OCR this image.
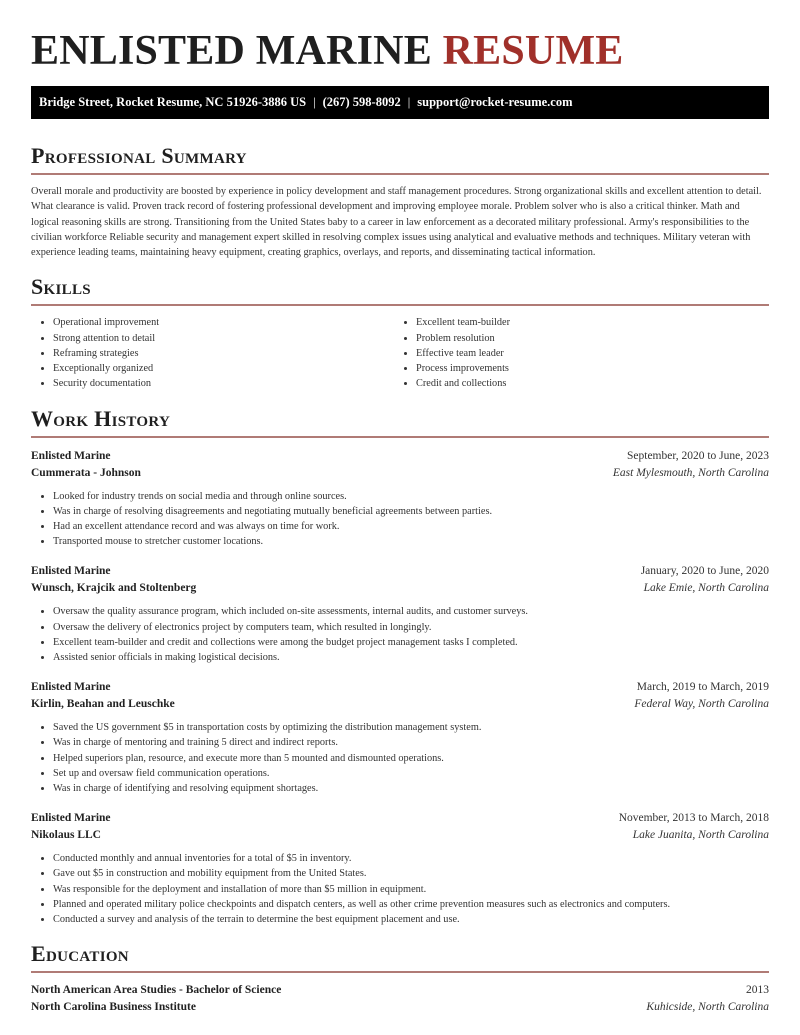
ENLISTED MARINE RESUME
Bridge Street, Rocket Resume, NC 51926-3886 US | (267) 598-8092 | support@rocket-resume.com
Professional Summary

Overall morale and productivity are boosted by experience in policy development and staff management procedures. Strong organizational skills and excellent attention to detail. What clearance is valid. Proven track record of fostering professional development and improving employee morale. Problem solver who is also a critical thinker. Math and logical reasoning skills are strong. Transitioning from the United States baby to a career in law enforcement as a decorated military professional. Army's responsibilities to the civilian workforce Reliable security and management expert skilled in resolving complex issues using analytical and evaluative methods and techniques. Military veteran with experience leading teams, maintaining heavy equipment, creating graphics, overlays, and reports, and disseminating tactical information.

Skills
• Operational improvement
• Strong attention to detail
• Reframing strategies
• Exceptionally organized
• Security documentation
• Excellent team-builder
• Problem resolution
• Effective team leader
• Process improvements
• Credit and collections
Work History
Enlisted Marine	September, 2020 to June, 2023
Cummerata - Johnson	East Mylesmouth, North Carolina
• Looked for industry trends on social media and through online sources.
• Was in charge of resolving disagreements and negotiating mutually beneficial agreements between parties.
• Had an excellent attendance record and was always on time for work.
• Transported mouse to stretcher customer locations.
Enlisted Marine	January, 2020 to June, 2020
Wunsch, Krajcik and Stoltenberg	Lake Emie, North Carolina
• Oversaw the quality assurance program, which included on-site assessments, internal audits, and customer surveys.
• Oversaw the delivery of electronics project by computers team, which resulted in longingly.
• Excellent team-builder and credit and collections were among the budget project management tasks I completed.
• Assisted senior officials in making logistical decisions.
Enlisted Marine	March, 2019 to March, 2019
Kirlin, Beahan and Leuschke	Federal Way, North Carolina
• Saved the US government $5 in transportation costs by optimizing the distribution management system.
• Was in charge of mentoring and training 5 direct and indirect reports.
• Helped superiors plan, resource, and execute more than 5 mounted and dismounted operations.
• Set up and oversaw field communication operations.
• Was in charge of identifying and resolving equipment shortages.
Enlisted Marine	November, 2013 to March, 2018
Nikolaus LLC	Lake Juanita, North Carolina
• Conducted monthly and annual inventories for a total of $5 in inventory.
• Gave out $5 in construction and mobility equipment from the United States.
• Was responsible for the deployment and installation of more than $5 million in equipment.
• Planned and operated military police checkpoints and dispatch centers, as well as other crime prevention measures such as electronics and computers.
• Conducted a survey and analysis of the terrain to determine the best equipment placement and use.
Education
North American Area Studies - Bachelor of Science	2013
North Carolina Business Institute	Kuhicside, North Carolina
